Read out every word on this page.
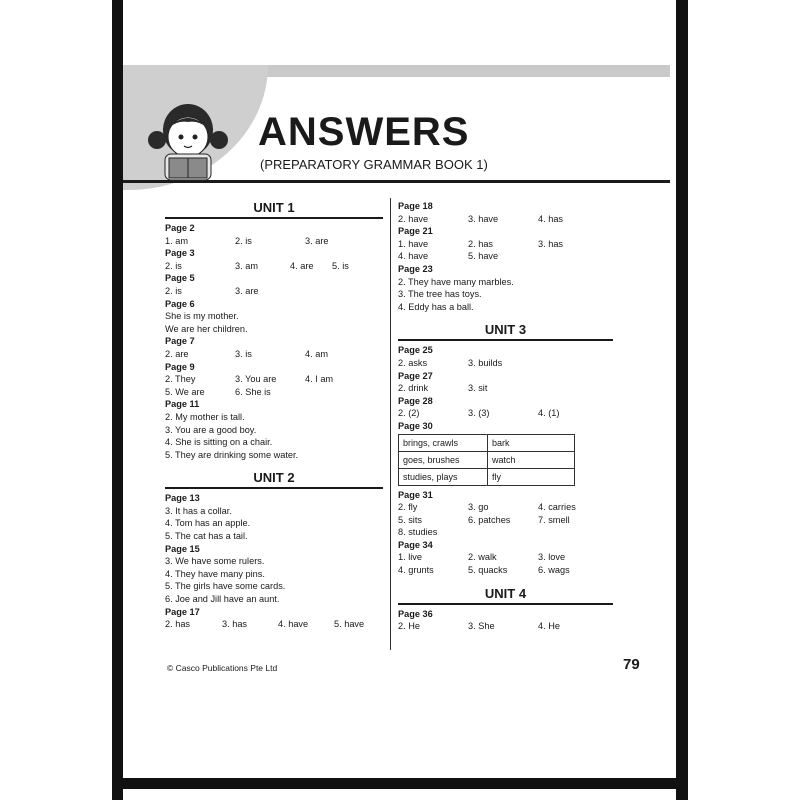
ANSWERS
(PREPARATORY GRAMMAR BOOK 1)
UNIT 1
Page 2
1. am	2. is	3. are
Page 3
2. is	3. am	4. are	5. is
Page 5
2. is	3. are
Page 6
She is my mother.
We are her children.
Page 7
2. are	3. is	4. am
Page 9
2. They	3. You are	4. I am
5. We are	6. She is
Page 11
2. My mother is tall.
3. You are a good boy.
4. She is sitting on a chair.
5. They are drinking some water.
UNIT 2
Page 13
3. It has a collar.
4. Tom has an apple.
5. The cat has a tail.
Page 15
3. We have some rulers.
4. They have many pins.
5. The girls have some cards.
6. Joe and Jill have an aunt.
Page 17
2. has	3. has	4. have	5. have
Page 18
2. have	3. have	4. has
Page 21
1. have	2. has	3. has
4. have	5. have
Page 23
2. They have many marbles.
3. The tree has toys.
4. Eddy has a ball.
UNIT 3
Page 25
2. asks	3. builds
Page 27
2. drink	3. sit
Page 28
2. (2)	3. (3)	4. (1)
Page 30
brings, crawls	bark
goes, brushes	watch
studies, plays	fly
Page 31
2. fly	3. go	4. carries
5. sits	6. patches	7. smell
8. studies
Page 34
1. live	2. walk	3. love
4. grunts	5. quacks	6. wags
UNIT 4
Page 36
2. He	3. She	4. He
© Casco Publications Pte Ltd	79
